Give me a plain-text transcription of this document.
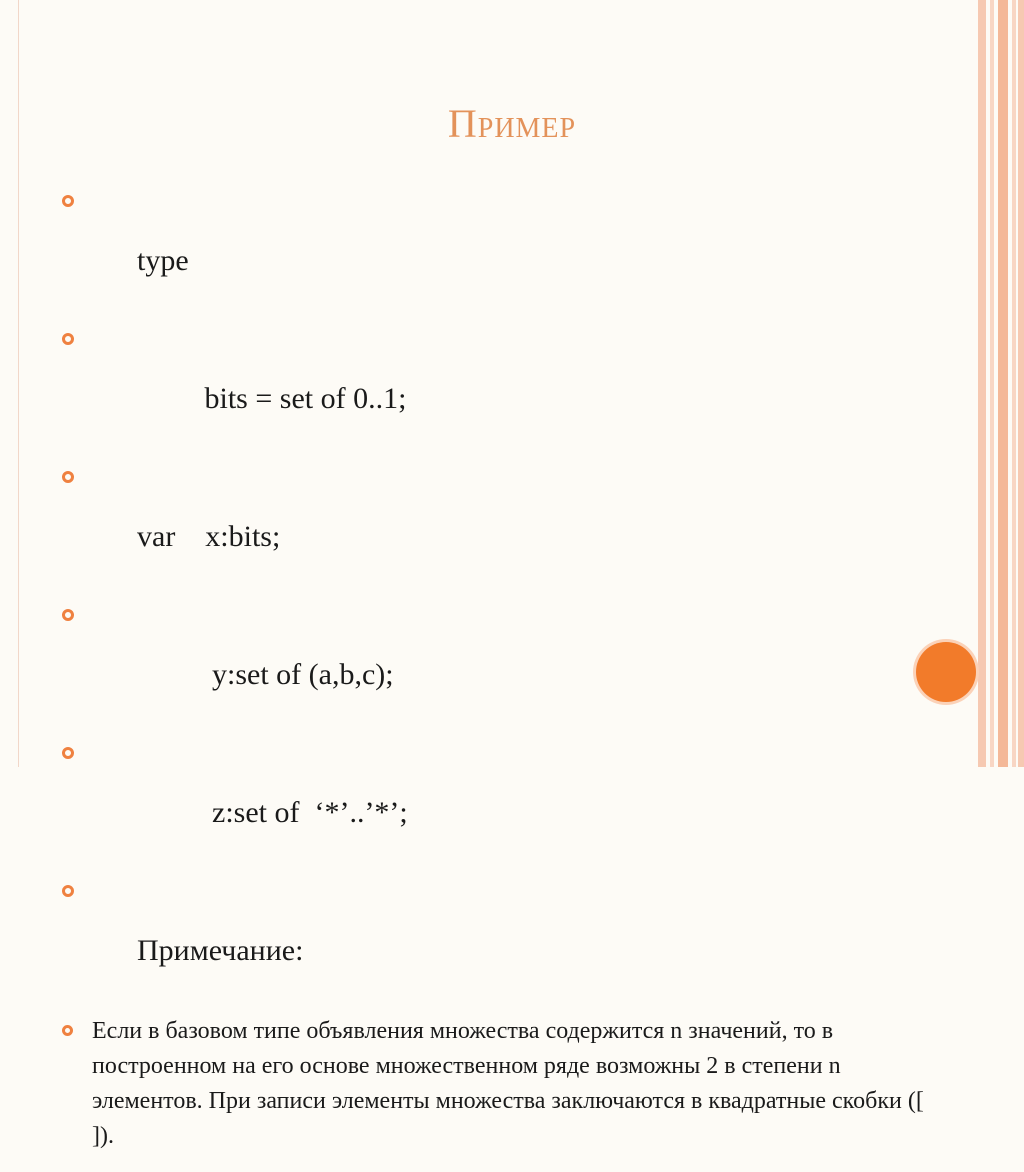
Пример

type

bits = set of 0..1;

var    x:bits;

y:set of (a,b,c);

z:set of  ‘*’..’*’;

Примечание:

Если в базовом типе объявления множества содержится n значений, то в построенном на его основе множественном ряде возможны 2 в степени n элементов. При записи элементы множества заключаются в квадратные скобки ([ ]).
